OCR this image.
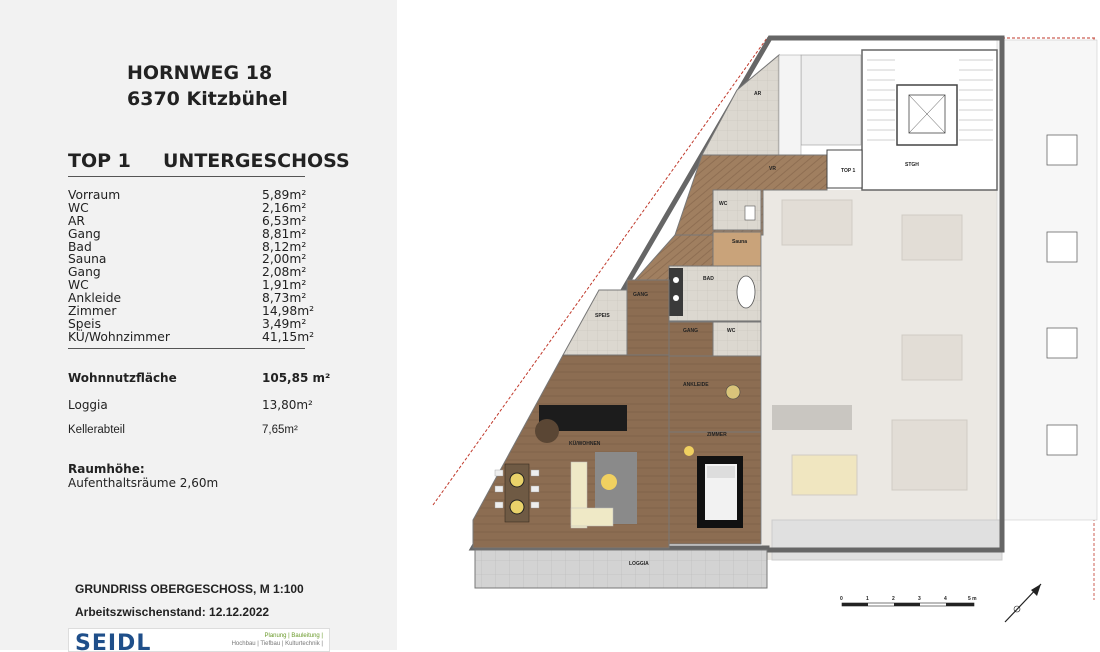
HORNWEG 18
6370 Kitzbühel
TOP 1 UNTERGESCHOSS
Vorraum	5,89m²
WC	2,16m²
AR	6,53m²
Gang	8,81m²
Bad	8,12m²
Sauna	2,00m²
Gang	2,08m²
WC	1,91m²
Ankleide	8,73m²
Zimmer	14,98m²
Speis	3,49m²
KÜ/Wohnzimmer	41,15m²
Wohnnutzfläche	105,85 m²
Loggia	13,80m²
Kellerabteil	7,65m²
Raumhöhe:
Aufenthaltsräume 2,60m
GRUNDRISS OBERGESCHOSS, M 1:100
Arbeitszwischenstand: 12.12.2022
SEIDL	Planung | Bauleitung |
Hochbau | Tiefbau | Kulturtechnik |
STGH
AR
VR	TOP 1
WC
Sauna
BAD
GANG
SPEIS
GANG	WC
ANKLEIDE
ZIMMER
KÜ/WOHNEN
LOGGIA
0	1	2	3	4	5 m
